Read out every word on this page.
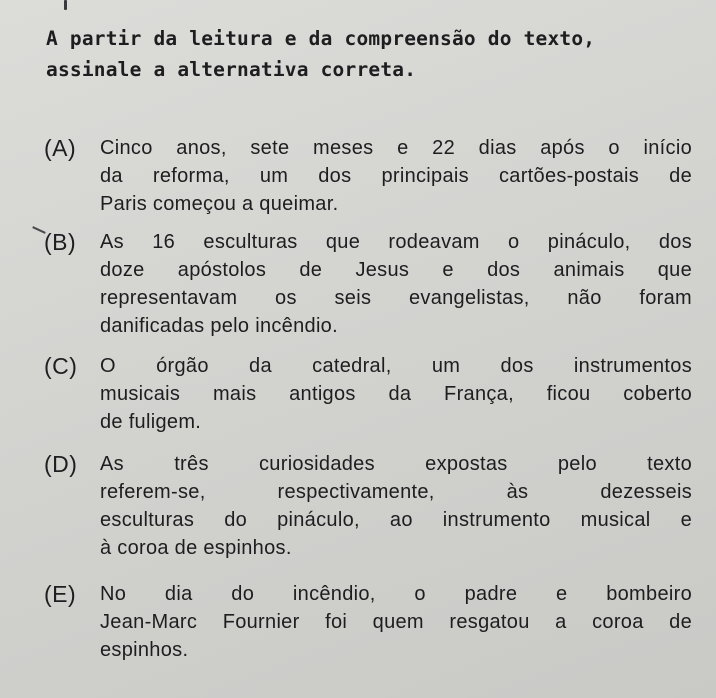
A partir da leitura e da compreensão do texto,
assinale a alternativa correta.
(A) Cinco anos, sete meses e 22 dias após o início
da reforma, um dos principais cartões-postais de
Paris começou a queimar.
(B) As 16 esculturas que rodeavam o pináculo, dos
doze apóstolos de Jesus e dos animais que
representavam os seis evangelistas, não foram
danificadas pelo incêndio.
(C) O órgão da catedral, um dos instrumentos
musicais mais antigos da França, ficou coberto
de fuligem.
(D) As três curiosidades expostas pelo texto
referem-se, respectivamente, às dezesseis
esculturas do pináculo, ao instrumento musical e
à coroa de espinhos.
(E) No dia do incêndio, o padre e bombeiro
Jean-Marc Fournier foi quem resgatou a coroa de
espinhos.
